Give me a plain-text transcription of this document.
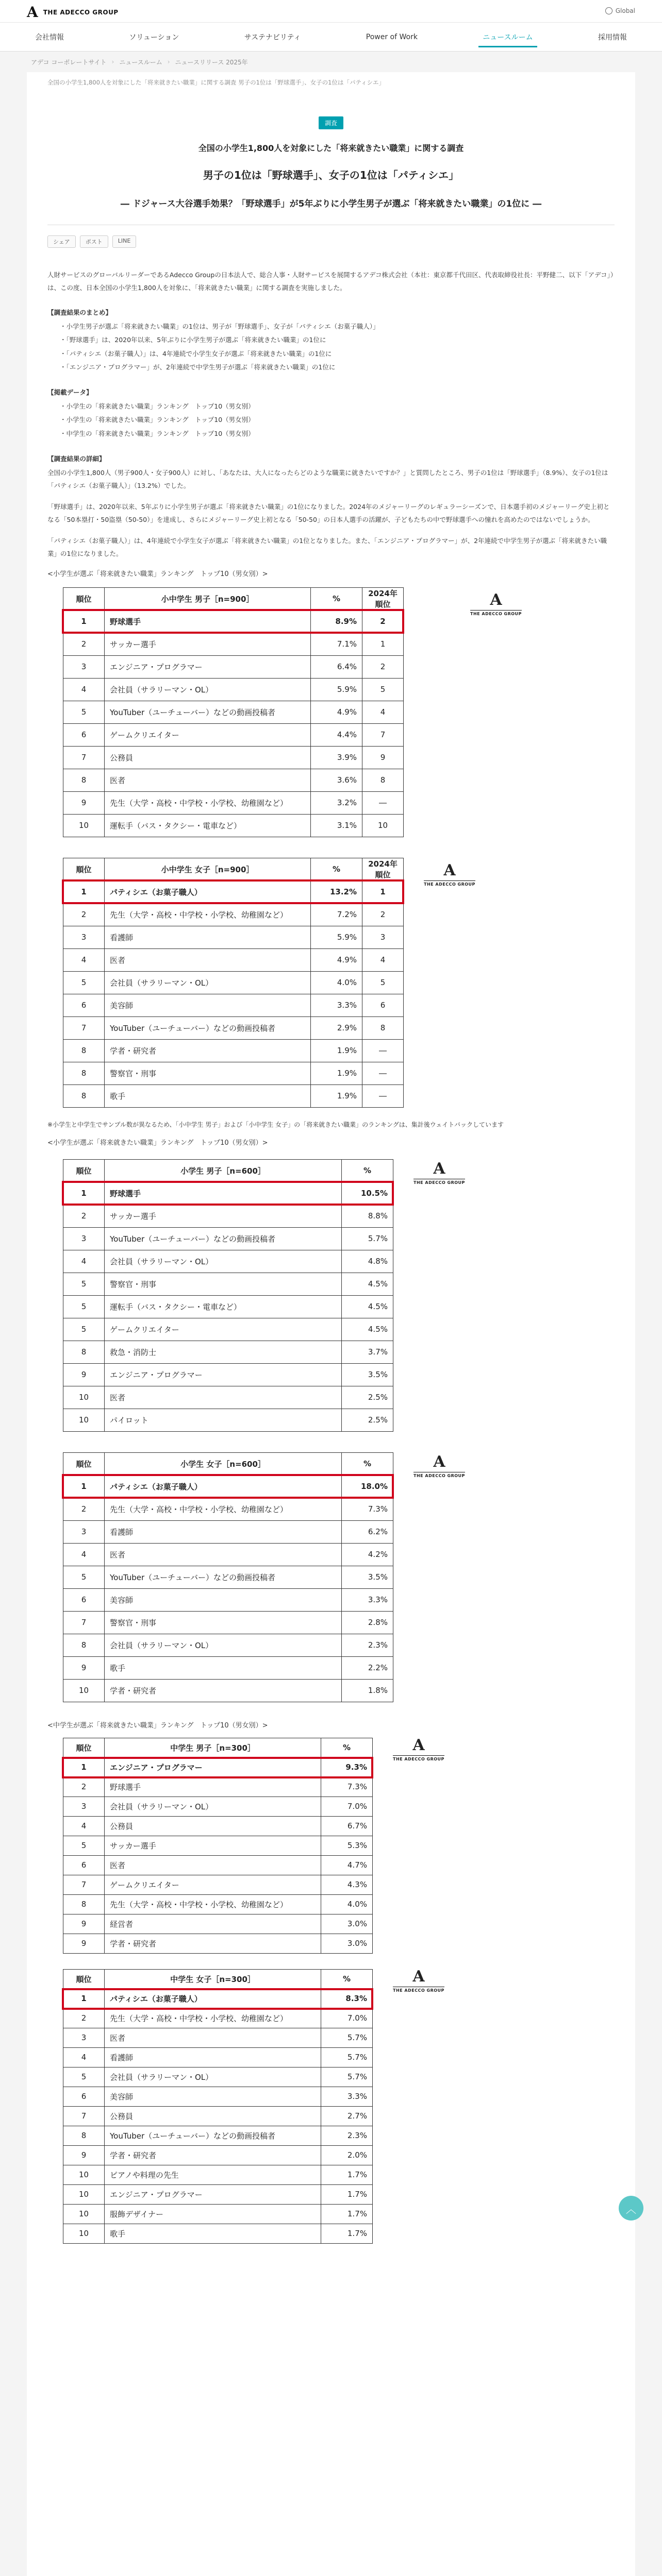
A THE ADECCO GROUP	Global
会社情報	ソリューション	サステナビリティ	Power of Work	ニュースルーム	採用情報
アデコ コーポレートサイト › ニュースルーム › ニュースリリース 2025年
全国の小学生1,800人を対象にした「将来就きたい職業」に関する調査 男子の1位は「野球選手」、女子の1位は「パティシエ」
調査
全国の小学生1,800人を対象にした「将来就きたい職業」に関する調査
男子の1位は「野球選手」、女子の1位は「パティシエ」
― ドジャース大谷選手効果？「野球選手」が5年ぶりに小学生男子が選ぶ「将来就きたい職業」の1位に ―
シェア	ポスト	LINE
人財サービスのグローバルリーダーであるAdecco Groupの日本法人で、総合人事・人財サービスを展開するアデコ株式会社（本社：東京都千代田区、代表取締役社長：平野健二、以下「アデコ」）は、この度、日本全国の小学生1,800人を対象に、「将来就きたい職業」に関する調査を実施しました。
【調査結果のまとめ】
・ 小学生男子が選ぶ「将来就きたい職業」の1位は、男子が「野球選手」、女子が「パティシエ（お菓子職人）」
・ 「野球選手」は、2020年以来、5年ぶりに小学生男子が選ぶ「将来就きたい職業」の1位に
・ 「パティシエ（お菓子職人）」は、4年連続で小学生女子が選ぶ「将来就きたい職業」の1位に
・ 「エンジニア・プログラマー」が、2年連続で中学生男子が選ぶ「将来就きたい職業」の1位に
【掲載データ】
・ 小学生の「将来就きたい職業」ランキング　トップ10（男女別）
・ 小学生の「将来就きたい職業」ランキング　トップ10（男女別）
・ 中学生の「将来就きたい職業」ランキング　トップ10（男女別）
【調査結果の詳細】
全国の小学生1,800人（男子900人・女子900人）に対し、「あなたは、大人になったらどのような職業に就きたいですか？」と質問したところ、男子の1位は「野球選手」（8.9%）、女子の1位は「パティシエ（お菓子職人）」（13.2%）でした。
「野球選手」は、2020年以来、5年ぶりに小学生男子が選ぶ「将来就きたい職業」の1位になりました。2024年のメジャーリーグのレギュラーシーズンで、日本選手初のメジャーリーグ史上初となる「50本塁打・50盗塁（50-50）」を達成し、さらにメジャーリーグ史上初となる「50-50」の日本人選手の活躍が、子どもたちの中で野球選手への憧れを高めたのではないでしょうか。
「パティシエ（お菓子職人）」は、4年連続で小学生女子が選ぶ「将来就きたい職業」の1位となりました。また、「エンジニア・プログラマー」が、2年連続で中学生男子が選ぶ「将来就きたい職業」の1位になりました。
<小学生が選ぶ「将来就きたい職業」ランキング　トップ10（男女別）>
順位	小中学生 男子［n=900］	%	2024年順位
1	野球選手	8.9%	2
2	サッカー選手	7.1%	1
3	エンジニア・プログラマー	6.4%	2
4	会社員（サラリーマン・OL）	5.9%	5
5	YouTuber（ユーチューバー）などの動画投稿者	4.9%	4
6	ゲームクリエイター	4.4%	7
7	公務員	3.9%	9
8	医者	3.6%	8
9	先生（大学・高校・中学校・小学校、幼稚園など）	3.2%	―
10	運転手（バス・タクシー・電車など）	3.1%	10
A
THE ADECCO GROUP
順位	小中学生 女子［n=900］	%	2024年順位
1	パティシエ（お菓子職人）	13.2%	1
2	先生（大学・高校・中学校・小学校、幼稚園など）	7.2%	2
3	看護師	5.9%	3
4	医者	4.9%	4
5	会社員（サラリーマン・OL）	4.0%	5
6	美容師	3.3%	6
7	YouTuber（ユーチューバー）などの動画投稿者	2.9%	8
8	学者・研究者	1.9%	―
8	警察官・刑事	1.9%	―
8	歌手	1.9%	―
A
THE ADECCO GROUP
※小学生と中学生でサンプル数が異なるため、「小中学生 男子」および「小中学生 女子」の「将来就きたい職業」のランキングは、集計後ウェイトバックしています
<小学生が選ぶ「将来就きたい職業」ランキング　トップ10（男女別）>
順位	小学生 男子［n=600］	%
1	野球選手	10.5%
2	サッカー選手	8.8%
3	YouTuber（ユーチューバー）などの動画投稿者	5.7%
4	会社員（サラリーマン・OL）	4.8%
5	警察官・刑事	4.5%
5	運転手（バス・タクシー・電車など）	4.5%
5	ゲームクリエイター	4.5%
8	救急・消防士	3.7%
9	エンジニア・プログラマー	3.5%
10	医者	2.5%
10	パイロット	2.5%
A
THE ADECCO GROUP
順位	小学生 女子［n=600］	%
1	パティシエ（お菓子職人）	18.0%
2	先生（大学・高校・中学校・小学校、幼稚園など）	7.3%
3	看護師	6.2%
4	医者	4.2%
5	YouTuber（ユーチューバー）などの動画投稿者	3.5%
6	美容師	3.3%
7	警察官・刑事	2.8%
8	会社員（サラリーマン・OL）	2.3%
9	歌手	2.2%
10	学者・研究者	1.8%
A
THE ADECCO GROUP
<中学生が選ぶ「将来就きたい職業」ランキング　トップ10（男女別）>
順位	中学生 男子［n=300］	%
1	エンジニア・プログラマー	9.3%
2	野球選手	7.3%
3	会社員（サラリーマン・OL）	7.0%
4	公務員	6.7%
5	サッカー選手	5.3%
6	医者	4.7%
7	ゲームクリエイター	4.3%
8	先生（大学・高校・中学校・小学校、幼稚園など）	4.0%
9	経営者	3.0%
9	学者・研究者	3.0%
A
THE ADECCO GROUP
順位	中学生 女子［n=300］	%
1	パティシエ（お菓子職人）	8.3%
2	先生（大学・高校・中学校・小学校、幼稚園など）	7.0%
3	医者	5.7%
4	看護師	5.7%
5	会社員（サラリーマン・OL）	5.7%
6	美容師	3.3%
7	公務員	2.7%
8	YouTuber（ユーチューバー）などの動画投稿者	2.3%
9	学者・研究者	2.0%
10	ピアノや料理の先生	1.7%
10	エンジニア・プログラマー	1.7%
10	服飾デザイナー	1.7%
10	歌手	1.7%
A
THE ADECCO GROUP
︿
